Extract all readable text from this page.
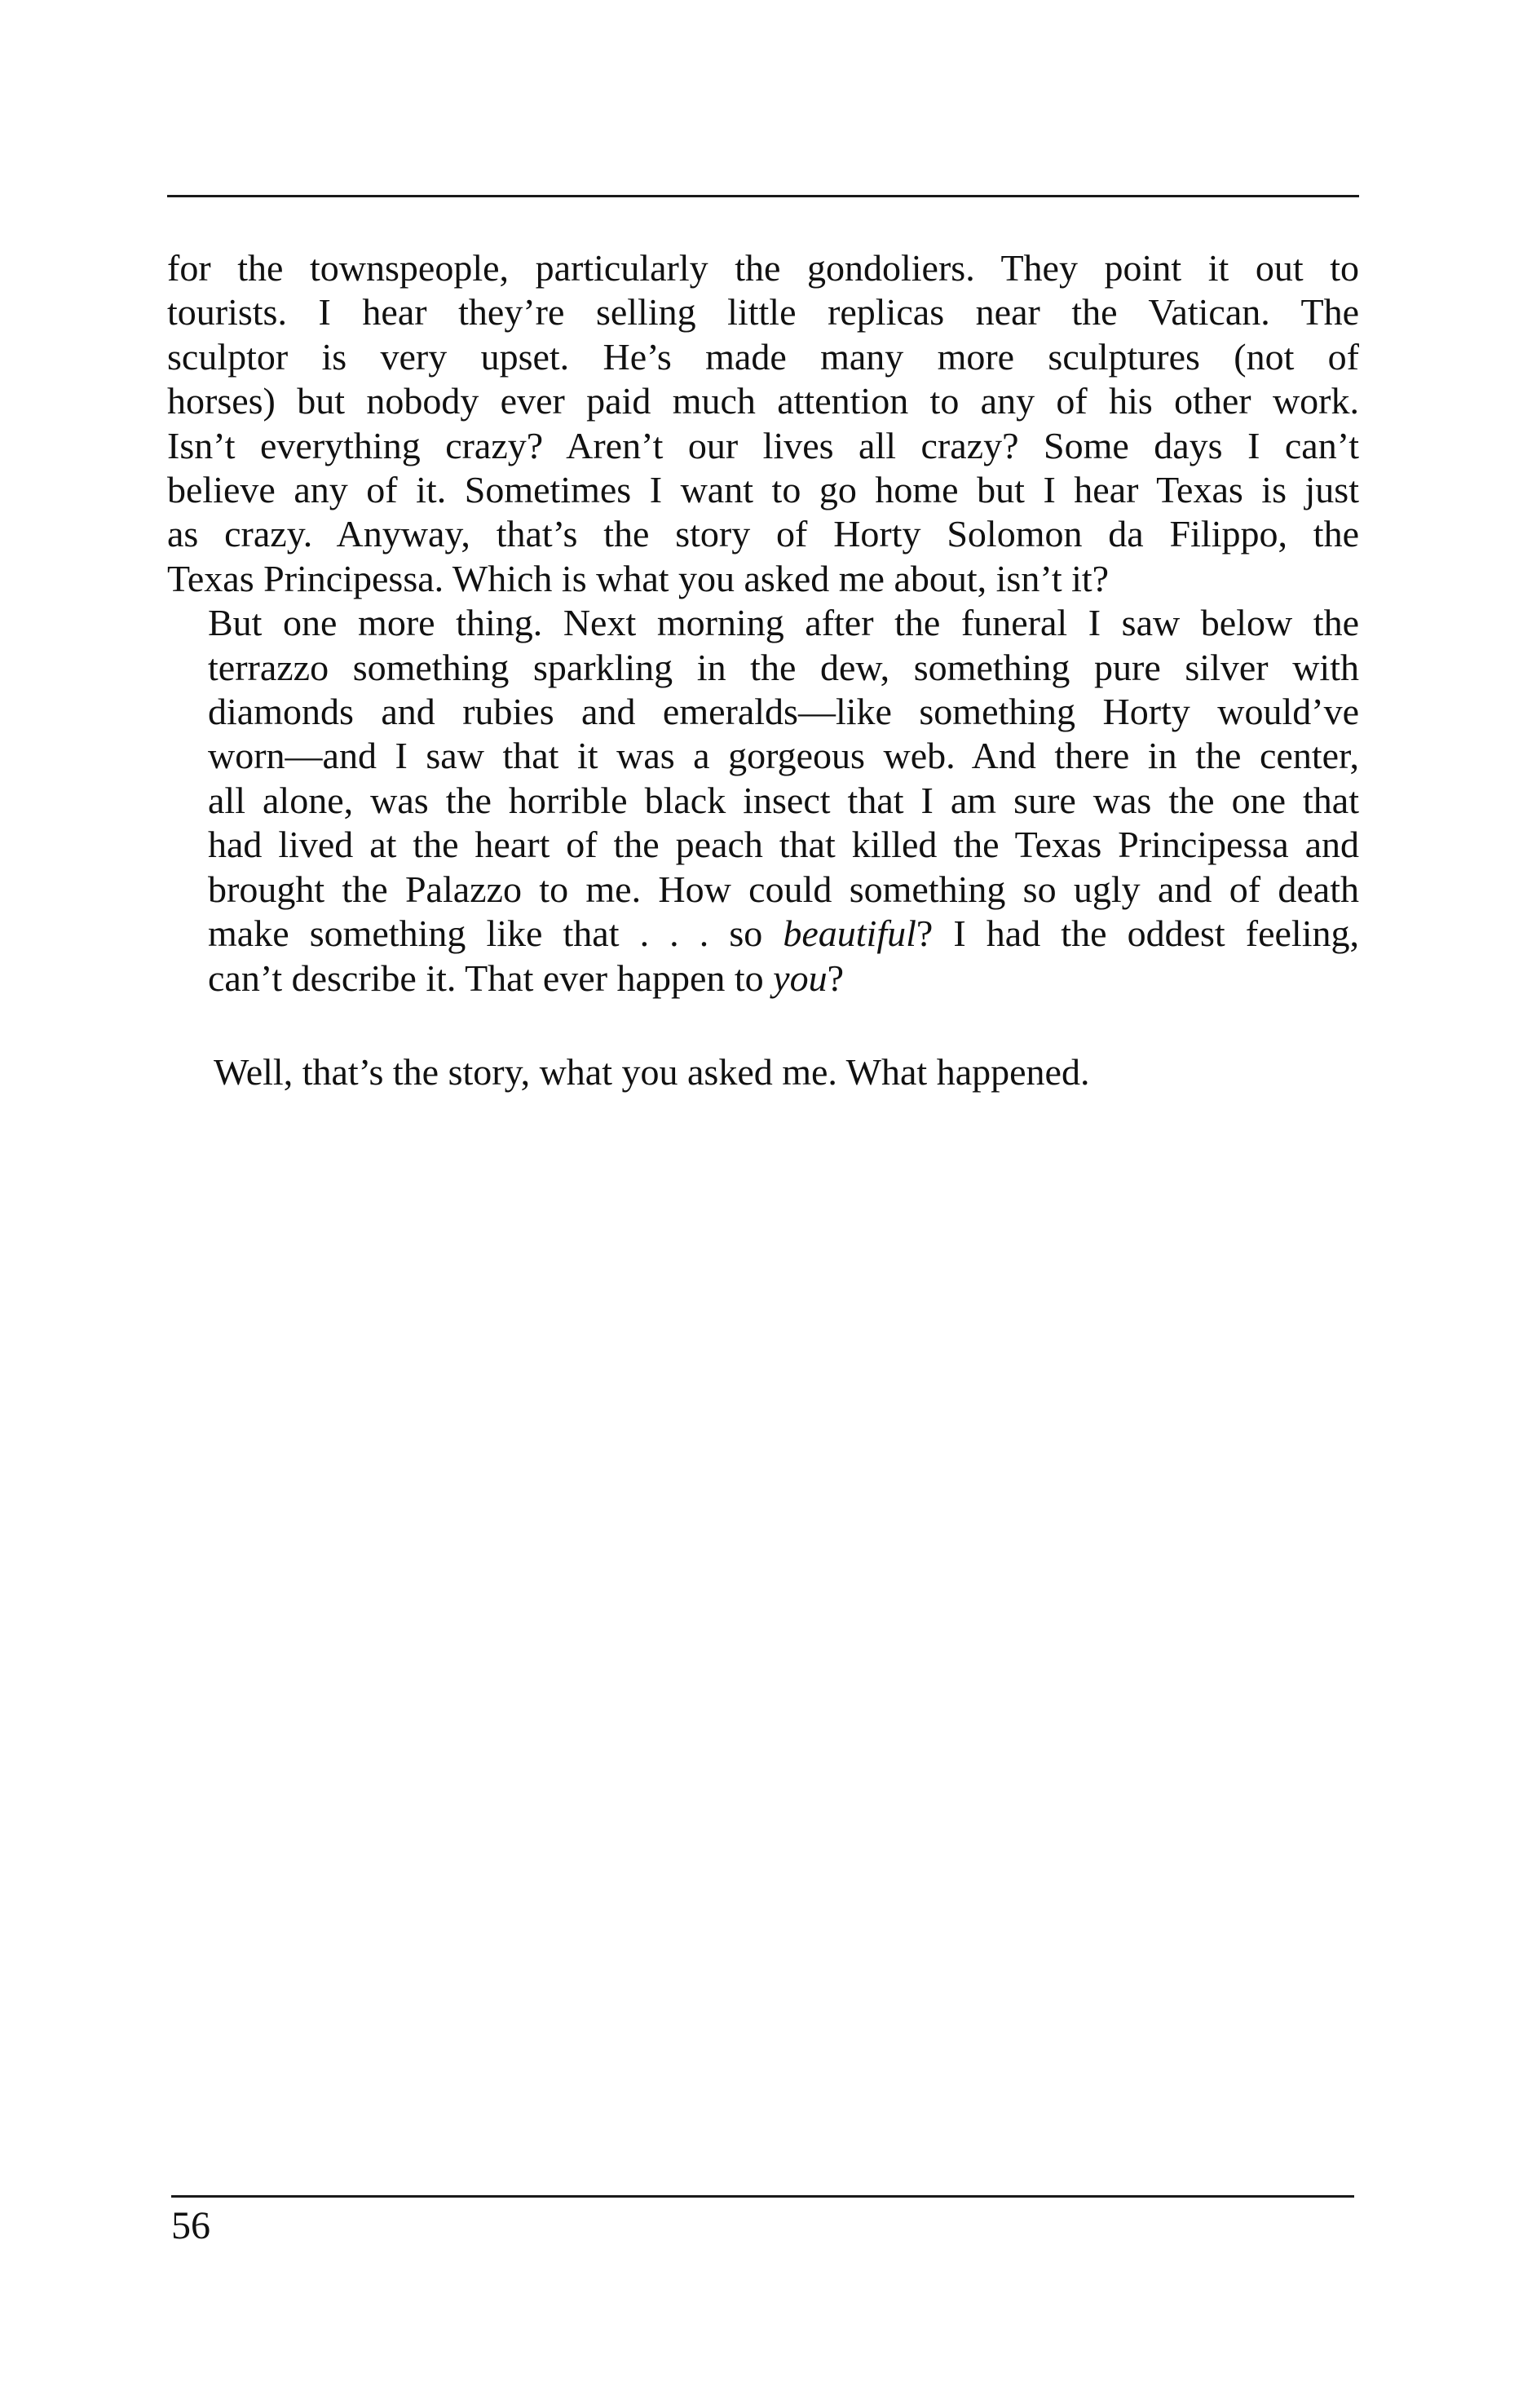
for the townspeople, particularly the gondoliers. They point it out to
tourists. I hear they’re selling little replicas near the Vatican. The
sculptor is very upset. He’s made many more sculptures (not of
horses) but nobody ever paid much attention to any of his other work.
Isn’t everything crazy? Aren’t our lives all crazy? Some days I can’t
believe any of it. Sometimes I want to go home but I hear Texas is just
as crazy. Anyway, that’s the story of Horty Solomon da Filippo, the
Texas Principessa. Which is what you asked me about, isn’t it?

But one more thing. Next morning after the funeral I saw below the
terrazzo something sparkling in the dew, something pure silver with
diamonds and rubies and emeralds—like something Horty would’ve
worn—and I saw that it was a gorgeous web. And there in the center,
all alone, was the horrible black insect that I am sure was the one that
had lived at the heart of the peach that killed the Texas Principessa and
brought the Palazzo to me. How could something so ugly and of death
make something like that . . . so beautiful? I had the oddest feeling,
can’t describe it. That ever happen to you?

Well, that’s the story, what you asked me. What happened.

56
